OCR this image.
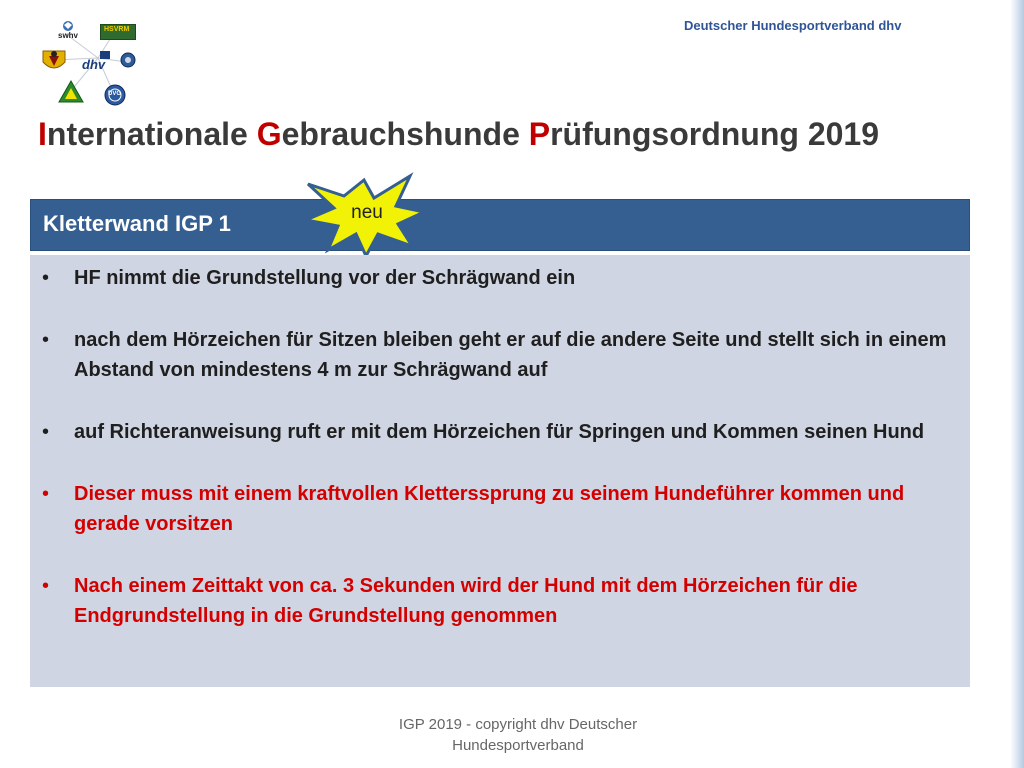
swhv
HSVRM
dhv
DVG
Deutscher Hundesportverband dhv
Internationale Gebrauchshunde Prüfungsordnung 2019
Kletterwand IGP 1	neu
• HF nimmt die Grundstellung vor der Schrägwand ein
• nach dem Hörzeichen für Sitzen bleiben geht er auf die andere Seite und stellt sich in einem Abstand von mindestens 4 m zur Schrägwand auf
• auf Richteranweisung ruft er mit dem Hörzeichen für Springen und Kommen seinen Hund
• Dieser muss mit einem kraftvollen Kletterssprung zu seinem Hundeführer kommen und gerade vorsitzen
• Nach einem Zeittakt von ca. 3 Sekunden wird der Hund mit dem Hörzeichen für die Endgrundstellung in die Grundstellung genommen
IGP 2019 - copyright dhv Deutscher
Hundesportverband
